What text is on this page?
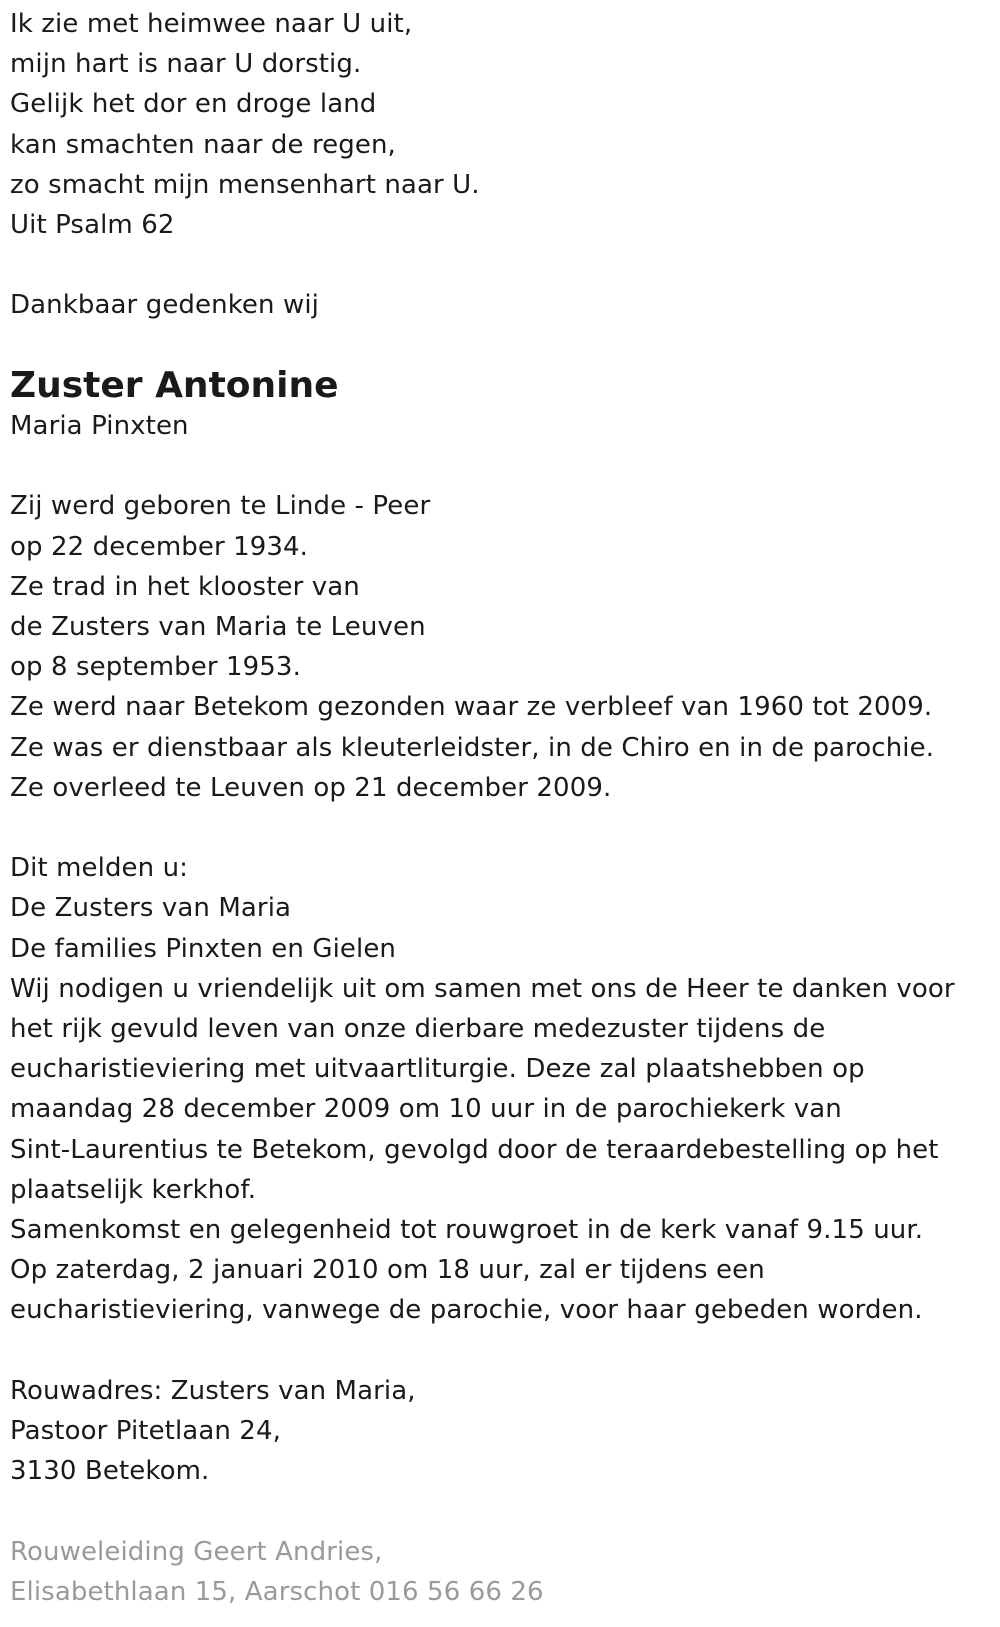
Ik zie met heimwee naar U uit,
mijn hart is naar U dorstig.
Gelijk het dor en droge land
kan smachten naar de regen,
zo smacht mijn mensenhart naar U.
Uit Psalm 62
Dankbaar gedenken wij
Zuster Antonine
Maria Pinxten
Zij werd geboren te Linde - Peer
op 22 december 1934.
Ze trad in het klooster van
de Zusters van Maria te Leuven
op 8 september 1953.
Ze werd naar Betekom gezonden waar ze verbleef van 1960 tot 2009.
Ze was er dienstbaar als kleuterleidster, in de Chiro en in de parochie.
Ze overleed te Leuven op 21 december 2009.
Dit melden u:
De Zusters van Maria
De families Pinxten en Gielen
Wij nodigen u vriendelijk uit om samen met ons de Heer te danken voor
het rijk gevuld leven van onze dierbare medezuster tijdens de
eucharistieviering met uitvaartliturgie. Deze zal plaatshebben op
maandag 28 december 2009 om 10 uur in de parochiekerk van
Sint-Laurentius te Betekom, gevolgd door de teraardebestelling op het
plaatselijk kerkhof.
Samenkomst en gelegenheid tot rouwgroet in de kerk vanaf 9.15 uur.
Op zaterdag, 2 januari 2010 om 18 uur, zal er tijdens een
eucharistieviering, vanwege de parochie, voor haar gebeden worden.
Rouwadres: Zusters van Maria,
Pastoor Pitetlaan 24,
3130 Betekom.
Rouweleiding Geert Andries,
Elisabethlaan 15, Aarschot 016 56 66 26
